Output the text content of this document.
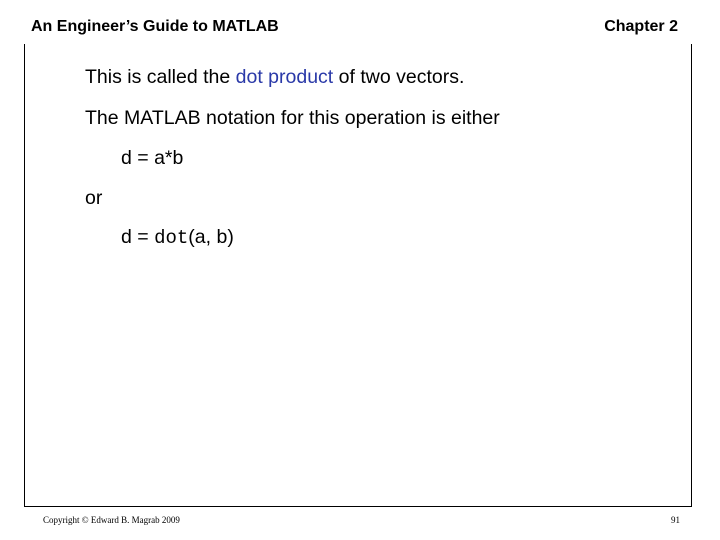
An Engineer’s Guide to MATLAB	Chapter 2
This is called the dot product of two vectors.
The MATLAB notation for this operation is either
d = a*b
or
d = dot(a, b)
Copyright © Edward B. Magrab 2009	91
